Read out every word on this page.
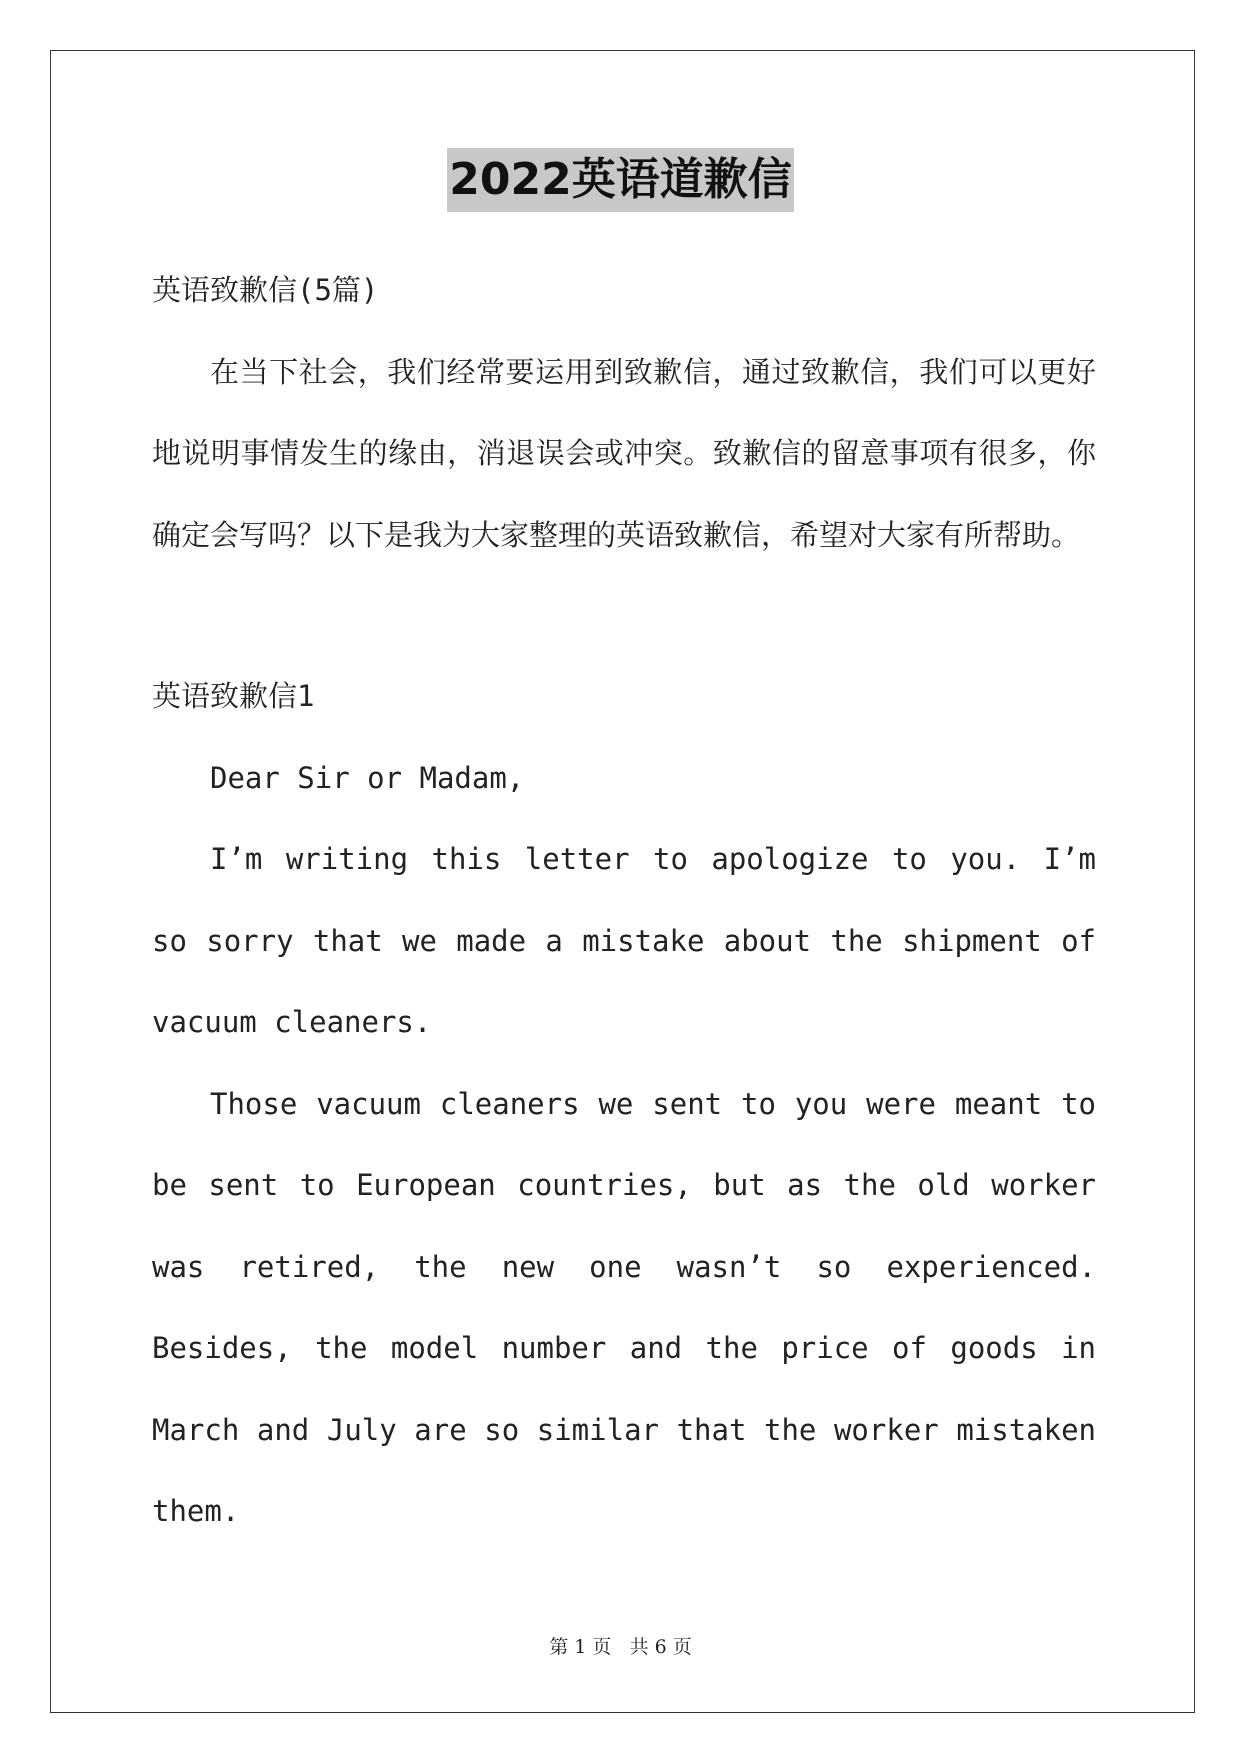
2022英语道歉信

英语致歉信(5篇)

在当下社会，我们经常要运用到致歉信，通过致歉信，我们可以更好地说明事情发生的缘由，消退误会或冲突。致歉信的留意事项有很多，你确定会写吗？以下是我为大家整理的英语致歉信，希望对大家有所帮助。

英语致歉信1

Dear Sir or Madam,

I’m writing this letter to apologize to you. I’m so sorry that we made a mistake about the shipment of vacuum cleaners.

Those vacuum cleaners we sent to you were meant to be sent to European countries, but as the old worker was retired, the new one wasn’t so experienced. Besides, the model number and the price of goods in March and July are so similar that the worker mistaken them.

第 1 页 共 6 页
